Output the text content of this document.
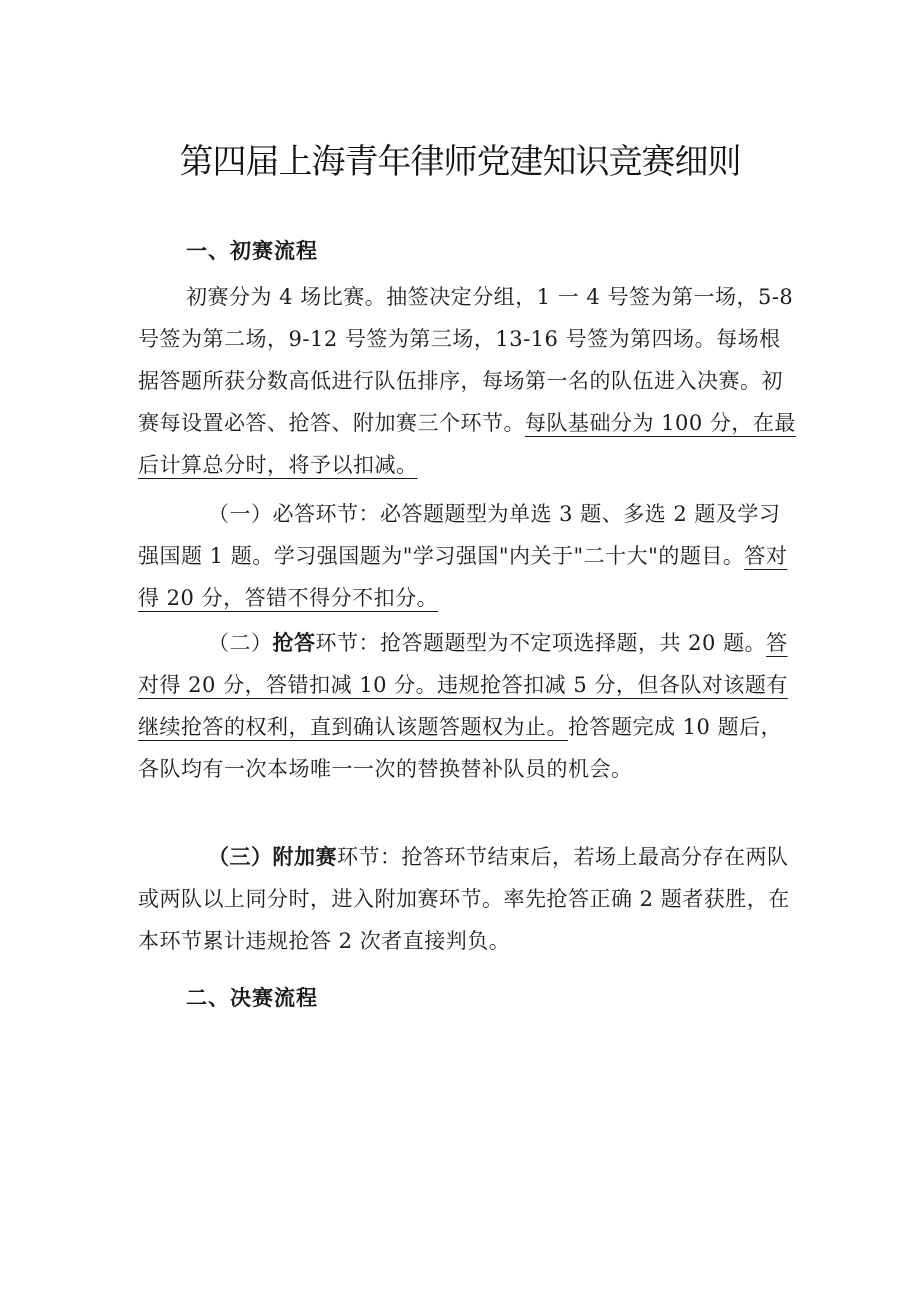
第四届上海青年律师党建知识竞赛细则
一、初赛流程
初赛分为 4 场比赛。抽签决定分组，1 一 4 号签为第一场，5-8 号签为第二场，9-12 号签为第三场，13-16 号签为第四场。每场根据答题所获分数高低进行队伍排序，每场第一名的队伍进入决赛。初赛每设置必答、抢答、附加赛三个环节。每队基础分为 100 分，在最后计算总分时，将予以扣减。
（一）必答环节：必答题题型为单选 3 题、多选 2 题及学习强国题 1 题。学习强国题为"学习强国"内关于"二十大"的题目。答对得 20 分，答错不得分不扣分。
（二）抢答环节：抢答题题型为不定项选择题，共 20 题。答对得 20 分，答错扣减 10 分。违规抢答扣减 5 分，但各队对该题有继续抢答的权利，直到确认该题答题权为止。抢答题完成 10 题后，各队均有一次本场唯一一次的替换替补队员的机会。
（三）附加赛环节：抢答环节结束后，若场上最高分存在两队或两队以上同分时，进入附加赛环节。率先抢答正确 2 题者获胜，在本环节累计违规抢答 2 次者直接判负。
二、决赛流程
